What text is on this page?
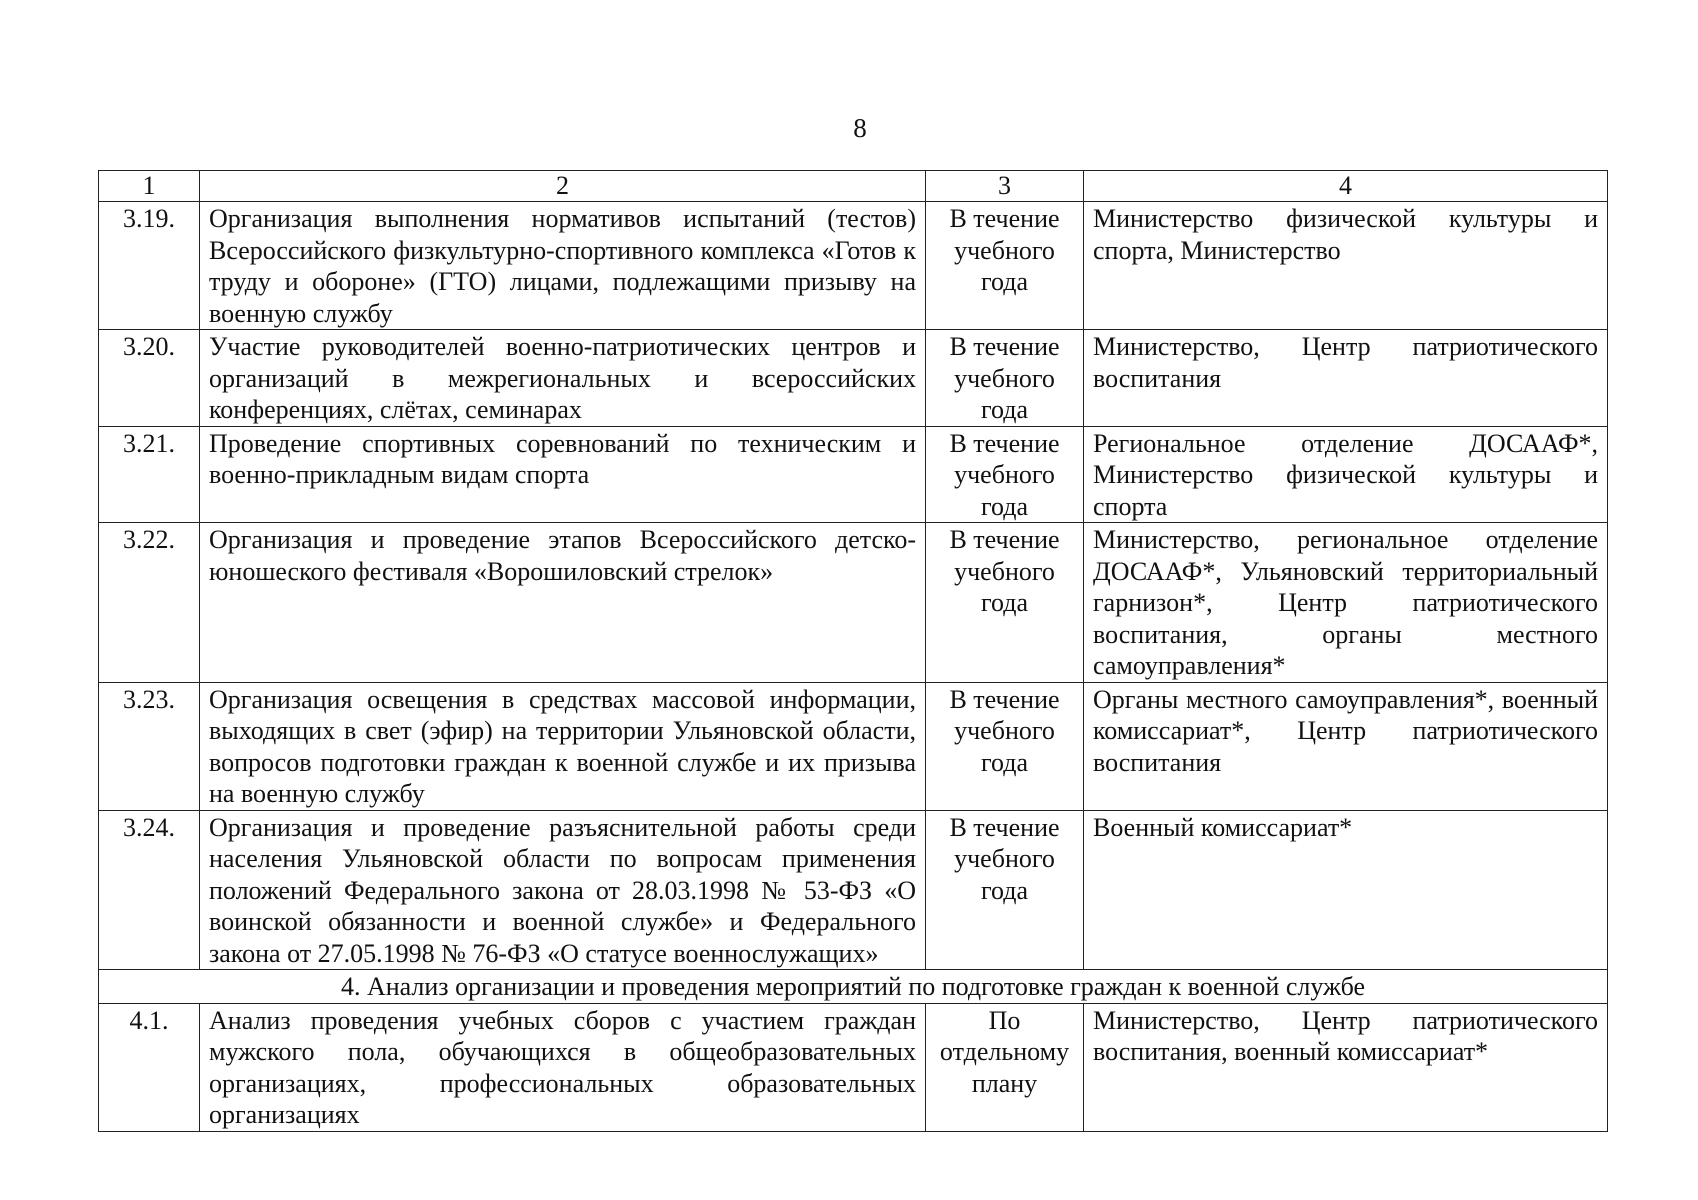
8
1	2	3	4
3.19.	Организация выполнения нормативов испытаний (тестов) Всероссийского физкультурно-спортивного комплекса «Готов к труду и обороне» (ГТО) лицами, подлежащими призыву на военную службу	В течение учебного года	Министерство физической культуры и спорта, Министерство
3.20.	Участие руководителей военно-патриотических центров и организаций в межрегиональных и всероссийских конференциях, слётах, семинарах	В течение учебного года	Министерство, Центр патриотического воспитания
3.21.	Проведение спортивных соревнований по техническим и военно-прикладным видам спорта	В течение учебного года	Региональное отделение ДОСААФ*, Министерство физической культуры и спорта
3.22.	Организация и проведение этапов Всероссийского детско-юношеского фестиваля «Ворошиловский стрелок»	В течение учебного года	Министерство, региональное отделение ДОСААФ*, Ульяновский территориальный гарнизон*, Центр патриотического воспитания, органы местного самоуправления*
3.23.	Организация освещения в средствах массовой информации, выходящих в свет (эфир) на территории Ульяновской области, вопросов подготовки граждан к военной службе и их призыва на военную службу	В течение учебного года	Органы местного самоуправления*, военный комиссариат*, Центр патриотического воспитания
3.24.	Организация и проведение разъяснительной работы среди населения Ульяновской области по вопросам применения положений Федерального закона от 28.03.1998 № 53-ФЗ «О воинской обязанности и военной службе» и Федерального закона от 27.05.1998 № 76-ФЗ «О статусе военнослужащих»	В течение учебного года	Военный комиссариат*
4. Анализ организации и проведения мероприятий по подготовке граждан к военной службе			
4.1.	Анализ проведения учебных сборов с участием граждан мужского пола, обучающихся в общеобразовательных организациях, профессиональных образовательных организациях	По отдельному плану	Министерство, Центр патриотического воспитания, военный комиссариат*
